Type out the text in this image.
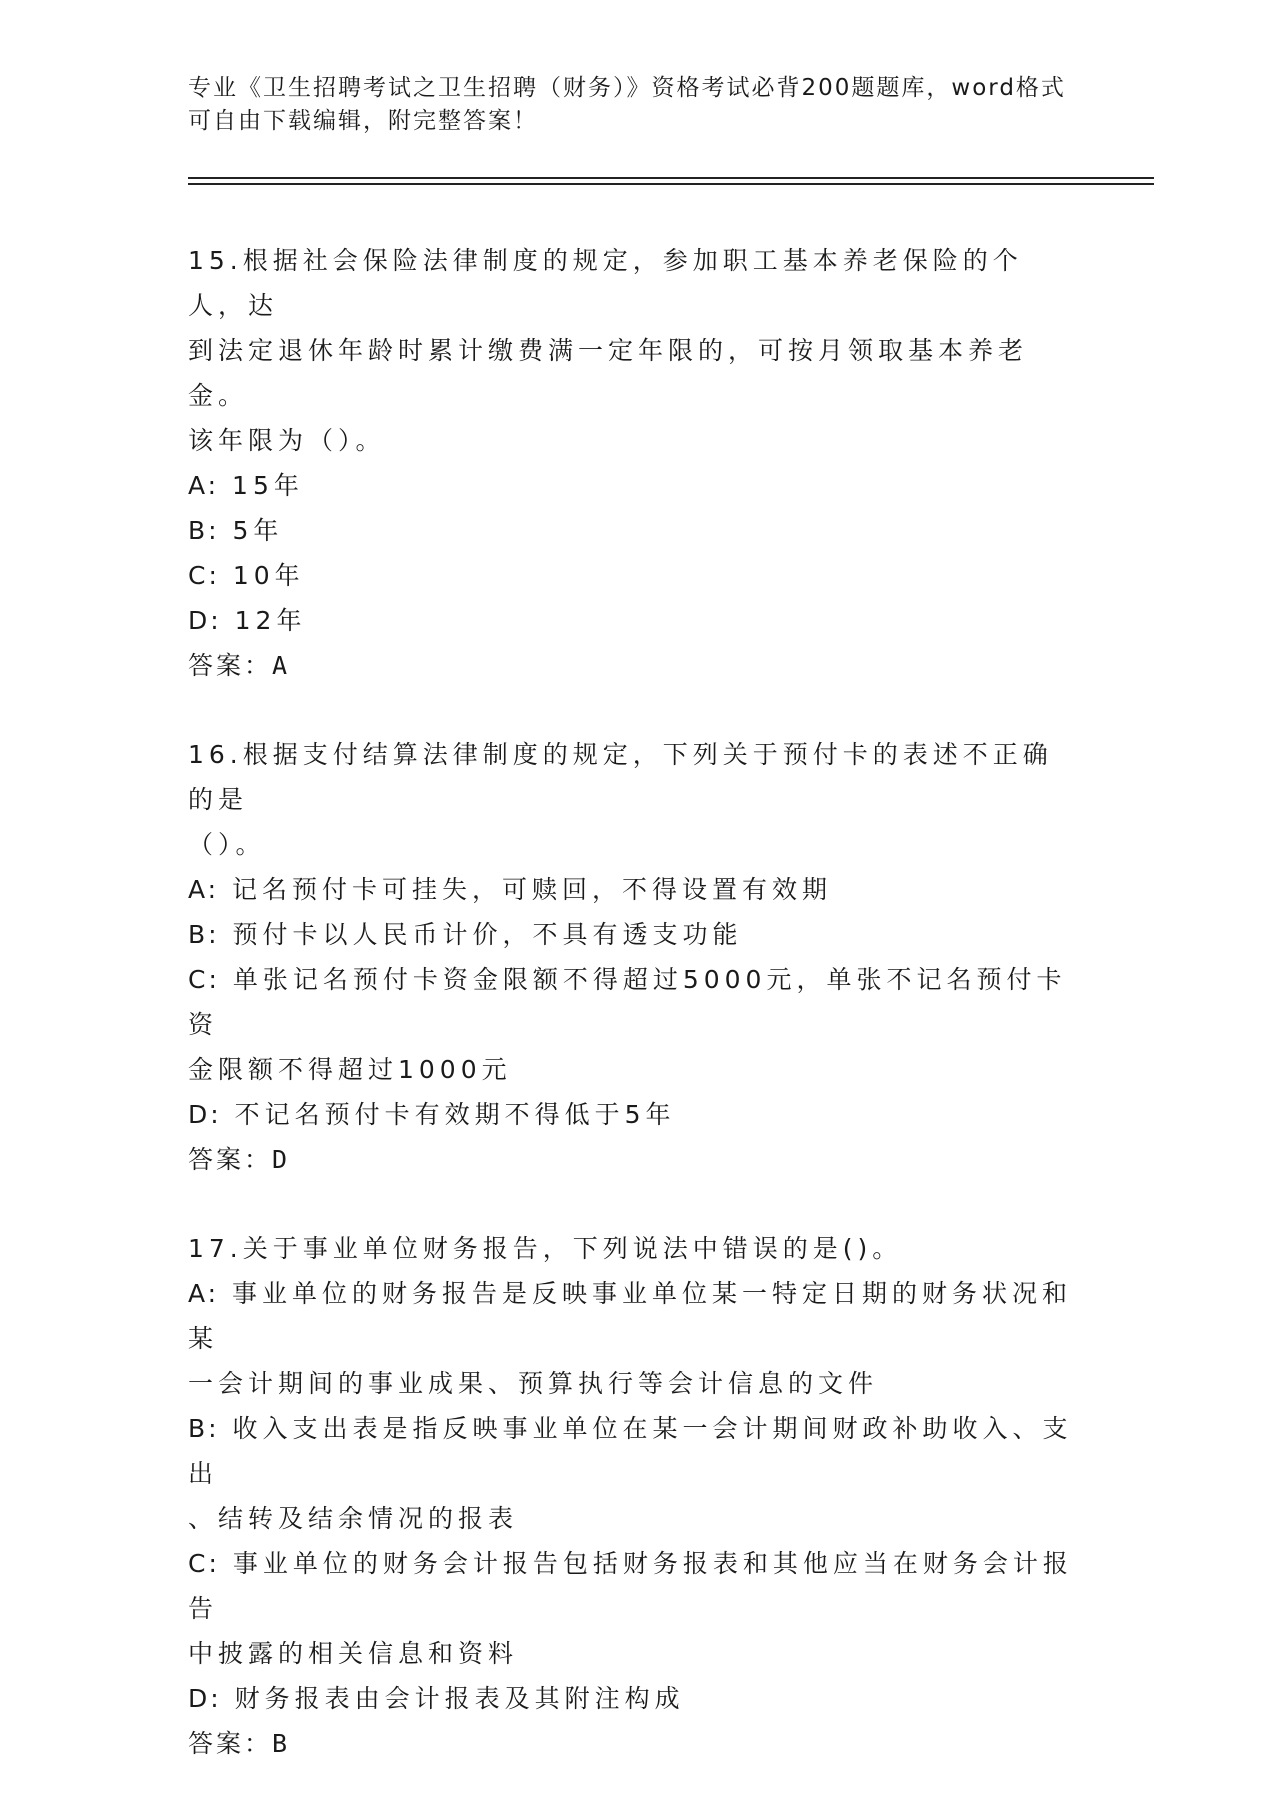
专业《卫生招聘考试之卫生招聘（财务）》资格考试必背200题题库，word格式
可自由下载编辑，附完整答案！
15.根据社会保险法律制度的规定，参加职工基本养老保险的个人，达
到法定退休年龄时累计缴费满一定年限的，可按月领取基本养老金。
该年限为（）。
A: 15年
B: 5年
C: 10年
D: 12年
答案：A
16.根据支付结算法律制度的规定，下列关于预付卡的表述不正确的是
（）。
A: 记名预付卡可挂失，可赎回，不得设置有效期
B: 预付卡以人民币计价，不具有透支功能
C: 单张记名预付卡资金限额不得超过5000元，单张不记名预付卡资
金限额不得超过1000元
D: 不记名预付卡有效期不得低于5年
答案：D
17.关于事业单位财务报告，下列说法中错误的是()。
A: 事业单位的财务报告是反映事业单位某一特定日期的财务状况和某
一会计期间的事业成果、预算执行等会计信息的文件
B: 收入支出表是指反映事业单位在某一会计期间财政补助收入、支出
、结转及结余情况的报表
C: 事业单位的财务会计报告包括财务报表和其他应当在财务会计报告
中披露的相关信息和资料
D: 财务报表由会计报表及其附注构成
答案：B
